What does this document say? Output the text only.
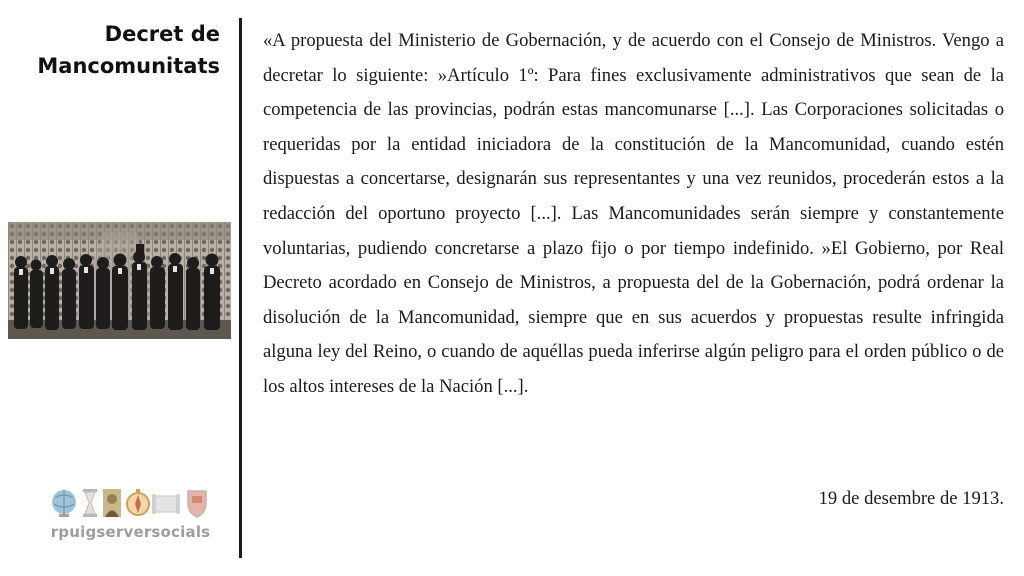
Decret de
Mancomunitats
rpuigserversocials

«A propuesta del Ministerio de Gobernación, y de acuerdo con el Consejo de Ministros. Vengo a decretar lo siguiente: »Artículo 1º: Para fines exclusivamente administrativos que sean de la competencia de las provincias, podrán estas mancomunarse [...]. Las Corporaciones solicitadas o requeridas por la entidad iniciadora de la constitución de la Mancomunidad, cuando estén dispuestas a concertarse, designarán sus representantes y una vez reunidos, procederán estos a la redacción del oportuno proyecto [...]. Las Mancomunidades serán siempre y constantemente voluntarias, pudiendo concretarse a plazo fijo o por tiempo indefinido. »El Gobierno, por Real Decreto acordado en Consejo de Ministros, a propuesta del de la Gobernación, podrá ordenar la disolución de la Mancomunidad, siempre que en sus acuerdos y propuestas resulte infringida alguna ley del Reino, o cuando de aquéllas pueda inferirse algún peligro para el orden público o de los altos intereses de la Nación [...].

19 de desembre de 1913.
